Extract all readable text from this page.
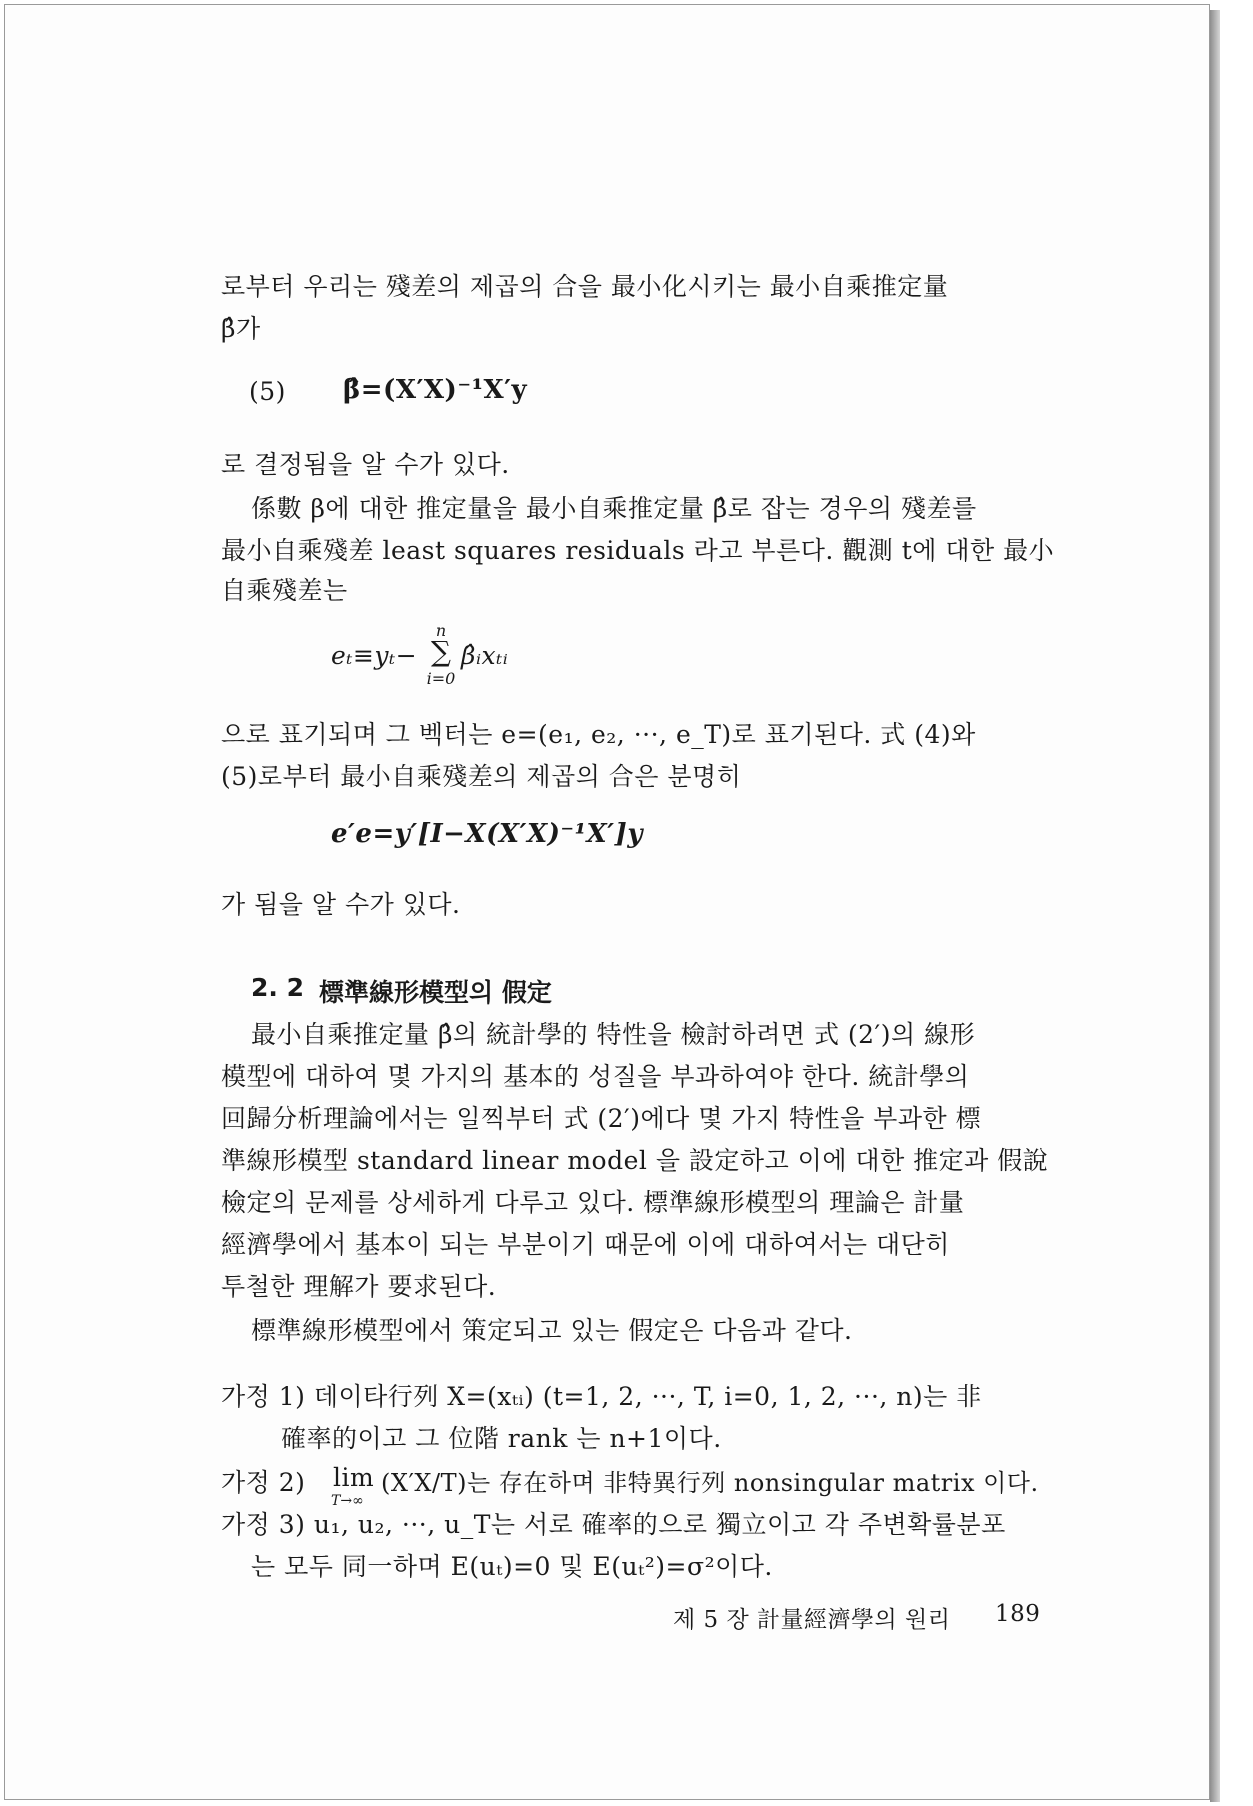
로부터 우리는 殘差의 제곱의 合을 最小化시키는 最小自乘推定量
β̂가
(5) β̂=(X′X)⁻¹X′y
로 결정됨을 알 수가 있다.
係數 β에 대한 推定量을 最小自乘推定量 β̂로 잡는 경우의 殘差를
最小自乘殘差 least squares residuals 라고 부른다. 觀測 t에 대한 最小
自乘殘差는
eₜ≡yₜ−
n
∑
i=0
β̂ᵢxₜᵢ
으로 표기되며 그 벡터는 e=(e₁, e₂, ···, e_T)로 표기된다. 式 (4)와
(5)로부터 最小自乘殘差의 제곱의 合은 분명히
e′e=y′[I−X(X′X)⁻¹X′]y
가 됨을 알 수가 있다.
2. 2 標準線形模型의 假定
最小自乘推定量 β̂의 統計學的 特性을 檢討하려면 式 (2′)의 線形
模型에 대하여 몇 가지의 基本的 성질을 부과하여야 한다. 統計學의
回歸分析理論에서는 일찍부터 式 (2′)에다 몇 가지 特性을 부과한 標
準線形模型 standard linear model 을 設定하고 이에 대한 推定과 假說
檢定의 문제를 상세하게 다루고 있다. 標準線形模型의 理論은 計量
經濟學에서 基本이 되는 부분이기 때문에 이에 대하여서는 대단히
투철한 理解가 要求된다.
標準線形模型에서 策定되고 있는 假定은 다음과 같다.
가정 1) 데이타行列 X=(xₜᵢ) (t=1, 2, ···, T, i=0, 1, 2, ···, n)는 非
確率的이고 그 位階 rank 는 n+1이다.
가정 2) lim
T→∞
(X′X/T)는 存在하며 非特異行列 nonsingular matrix 이다.
가정 3) u₁, u₂, ···, u_T는 서로 確率的으로 獨立이고 각 주변확률분포
는 모두 同一하며 E(uₜ)=0 및 E(uₜ²)=σ²이다.
제 5 장 計量經濟學의 원리 189
